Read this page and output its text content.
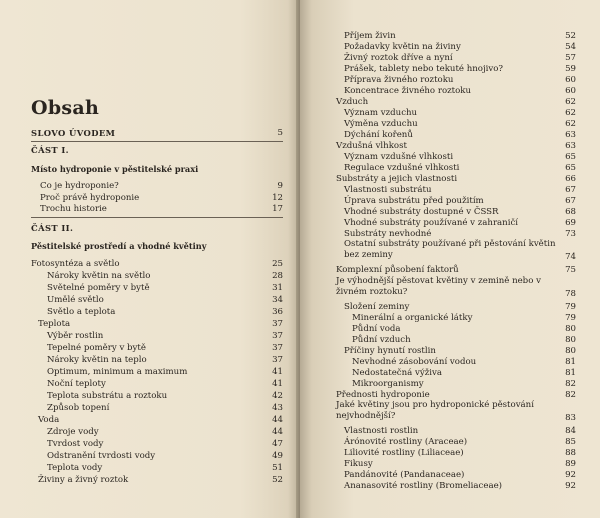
Obsah
SLOVO ÚVODEM	5
ČÁST I.
Místo hydroponie v pěstitelské praxi
Co je hydroponie?	9
Proč právě hydroponie	12
Trochu historie	17
ČÁST II.
Pěstitelské prostředí a vhodné květiny
Fotosyntéza a světlo	25
Nároky květin na světlo	28
Světelné poměry v bytě	31
Umělé světlo	34
Světlo a teplota	36
Teplota	37
Výběr rostlin	37
Tepelné poměry v bytě	37
Nároky květin na teplo	37
Optimum, minimum a maximum	41
Noční teploty	41
Teplota substrátu a roztoku	42
Způsob topení	43
Voda	44
Zdroje vody	44
Tvrdost vody	47
Odstranění tvrdosti vody	49
Teplota vody	51
Živiny a živný roztok	52
Příjem živin	52
Požadavky květin na živiny	54
Živný roztok dříve a nyní	57
Prášek, tablety nebo tekuté hnojivo?	59
Příprava živného roztoku	60
Koncentrace živného roztoku	60
Vzduch	62
Význam vzduchu	62
Výměna vzduchu	62
Dýchání kořenů	63
Vzdušná vlhkost	63
Význam vzdušné vlhkosti	65
Regulace vzdušné vlhkosti	65
Substráty a jejich vlastnosti	66
Vlastnosti substrátu	67
Úprava substrátu před použitím	67
Vhodné substráty dostupné v ČSSR	68
Vhodné substráty používané v zahraničí	69
Substráty nevhodné	73
Ostatní substráty používané při pěstování květin bez zeminy	74
Komplexní působení faktorů	75
Je výhodnější pěstovat květiny v zemině nebo v živném roztoku?	78
Složení zeminy	79
Minerální a organické látky	79
Půdní voda	80
Půdní vzduch	80
Příčiny hynutí rostlin	80
Nevhodné zásobování vodou	81
Nedostatečná výživa	81
Mikroorganismy	82
Přednosti hydroponie	82
Jaké květiny jsou pro hydroponické pěstování nejvhodnější?	83
Vlastnosti rostlin	84
Árónovité rostliny (Araceae)	85
Liliovité rostliny (Liliaceae)	88
Fikusy	89
Pandánovité (Pandanaceae)	92
Ananasovité rostliny (Bromeliaceae)	92
